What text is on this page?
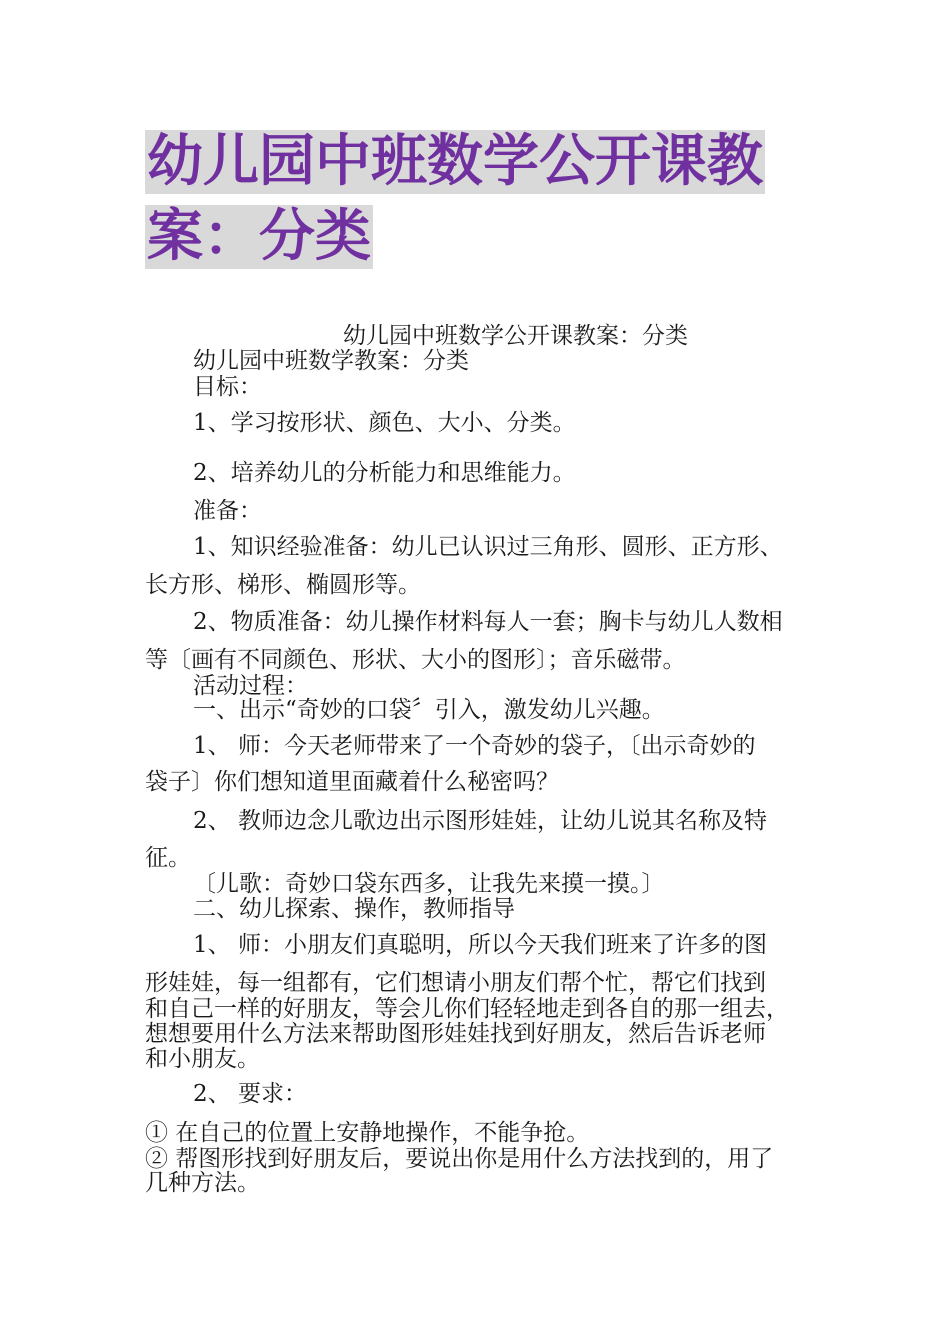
幼儿园中班数学公开课教
案：分类

幼儿园中班数学公开课教案：分类

幼儿园中班数学教案：分类

目标：

1、学习按形状、颜色、大小、分类。

2、培养幼儿的分析能力和思维能力。

准备：

1、知识经验准备：幼儿已认识过三角形、圆形、正方形、

长方形、梯形、椭圆形等。

2、物质准备：幼儿操作材料每人一套；胸卡与幼儿人数相

等〔画有不同颜色、形状、大小的图形〕；音乐磁带。

活动过程：

一、出示“奇妙的口袋〞引入，激发幼儿兴趣。

1、 师：今天老师带来了一个奇妙的袋子，〔出示奇妙的

袋子〕你们想知道里面藏着什么秘密吗？

2、 教师边念儿歌边出示图形娃娃，让幼儿说其名称及特

征。

〔儿歌：奇妙口袋东西多，让我先来摸一摸。〕

二、幼儿探索、操作，教师指导

1、 师：小朋友们真聪明，所以今天我们班来了许多的图

形娃娃，每一组都有，它们想请小朋友们帮个忙，帮它们找到

和自己一样的好朋友，等会儿你们轻轻地走到各自的那一组去，

想想要用什么方法来帮助图形娃娃找到好朋友，然后告诉老师

和小朋友。

2、 要求：

① 在自己的位置上安静地操作，不能争抢。

② 帮图形找到好朋友后，要说出你是用什么方法找到的，用了

几种方法。
